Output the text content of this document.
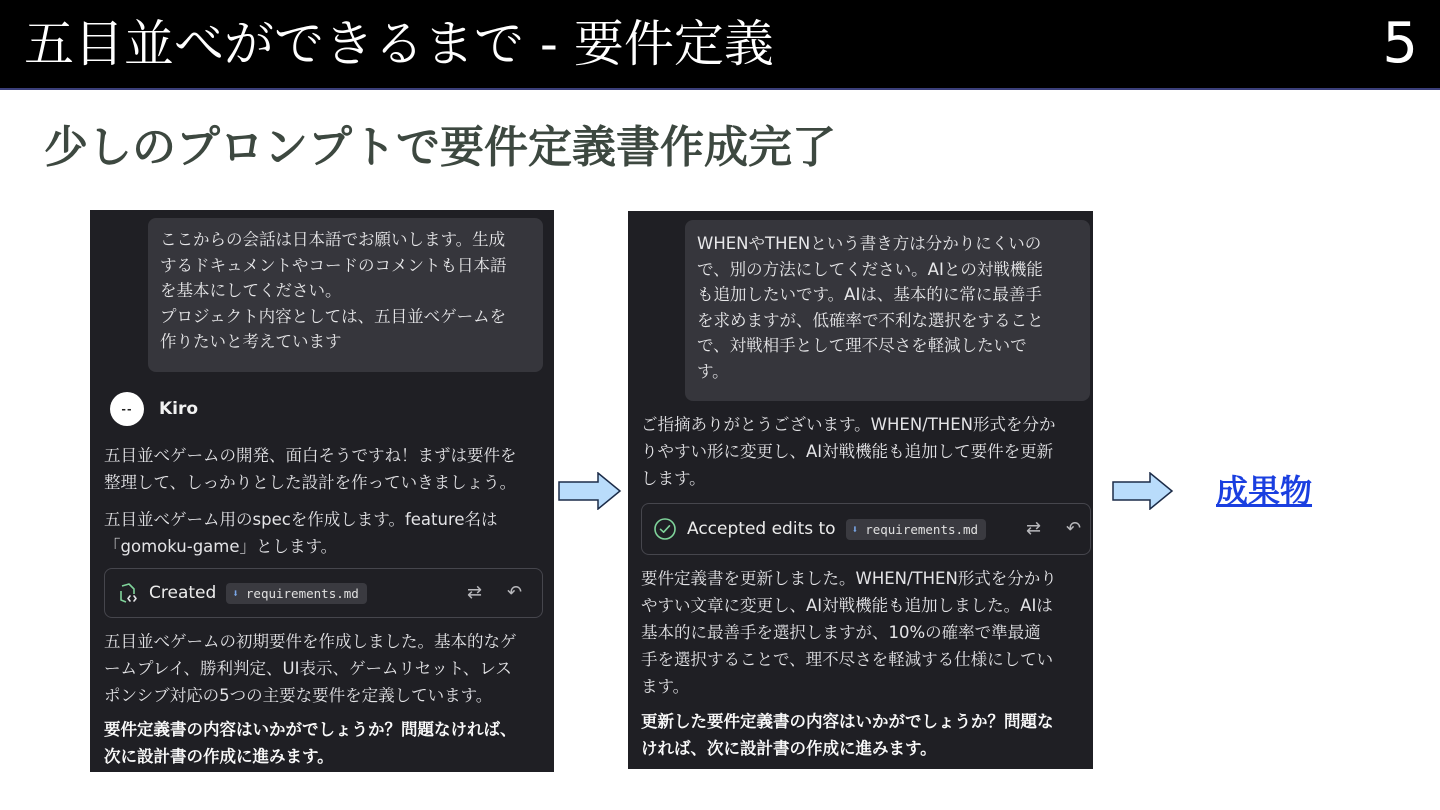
五目並べができるまで - 要件定義	5
少しのプロンプトで要件定義書作成完了

ここからの会話は日本語でお願いします。生成

するドキュメントやコードのコメントも日本語

を基本にしてください。

プロジェクト内容としては、五目並べゲームを

作りたいと考えています

--	Kiro
五目並べゲームの開発、面白そうですね！まずは要件を
整理して、しっかりとした設計を作っていきましょう。
五目並べゲーム用のspecを作成します。feature名は
「gomoku-game」とします。
Created ⬇ requirements.md	⇄ ↶
五目並べゲームの初期要件を作成しました。基本的なゲ
ームプレイ、勝利判定、UI表示、ゲームリセット、レス
ポンシブ対応の5つの主要な要件を定義しています。
要件定義書の内容はいかがでしょうか？問題なければ、
次に設計書の作成に進みます。

WHENやTHENという書き方は分かりにくいの

で、別の方法にしてください。AIとの対戦機能

も追加したいです。AIは、基本的に常に最善手

を求めますが、低確率で不利な選択をすること

で、対戦相手として理不尽さを軽減したいで

す。

ご指摘ありがとうございます。WHEN/THEN形式を分か
りやすい形に変更し、AI対戦機能も追加して要件を更新
します。
Accepted edits to ⬇ requirements.md	⇄ ↶
要件定義書を更新しました。WHEN/THEN形式を分かり
やすい文章に変更し、AI対戦機能も追加しました。AIは
基本的に最善手を選択しますが、10%の確率で準最適
手を選択することで、理不尽さを軽減する仕様にしてい
ます。
更新した要件定義書の内容はいかがでしょうか？問題な
ければ、次に設計書の作成に進みます。
成果物
